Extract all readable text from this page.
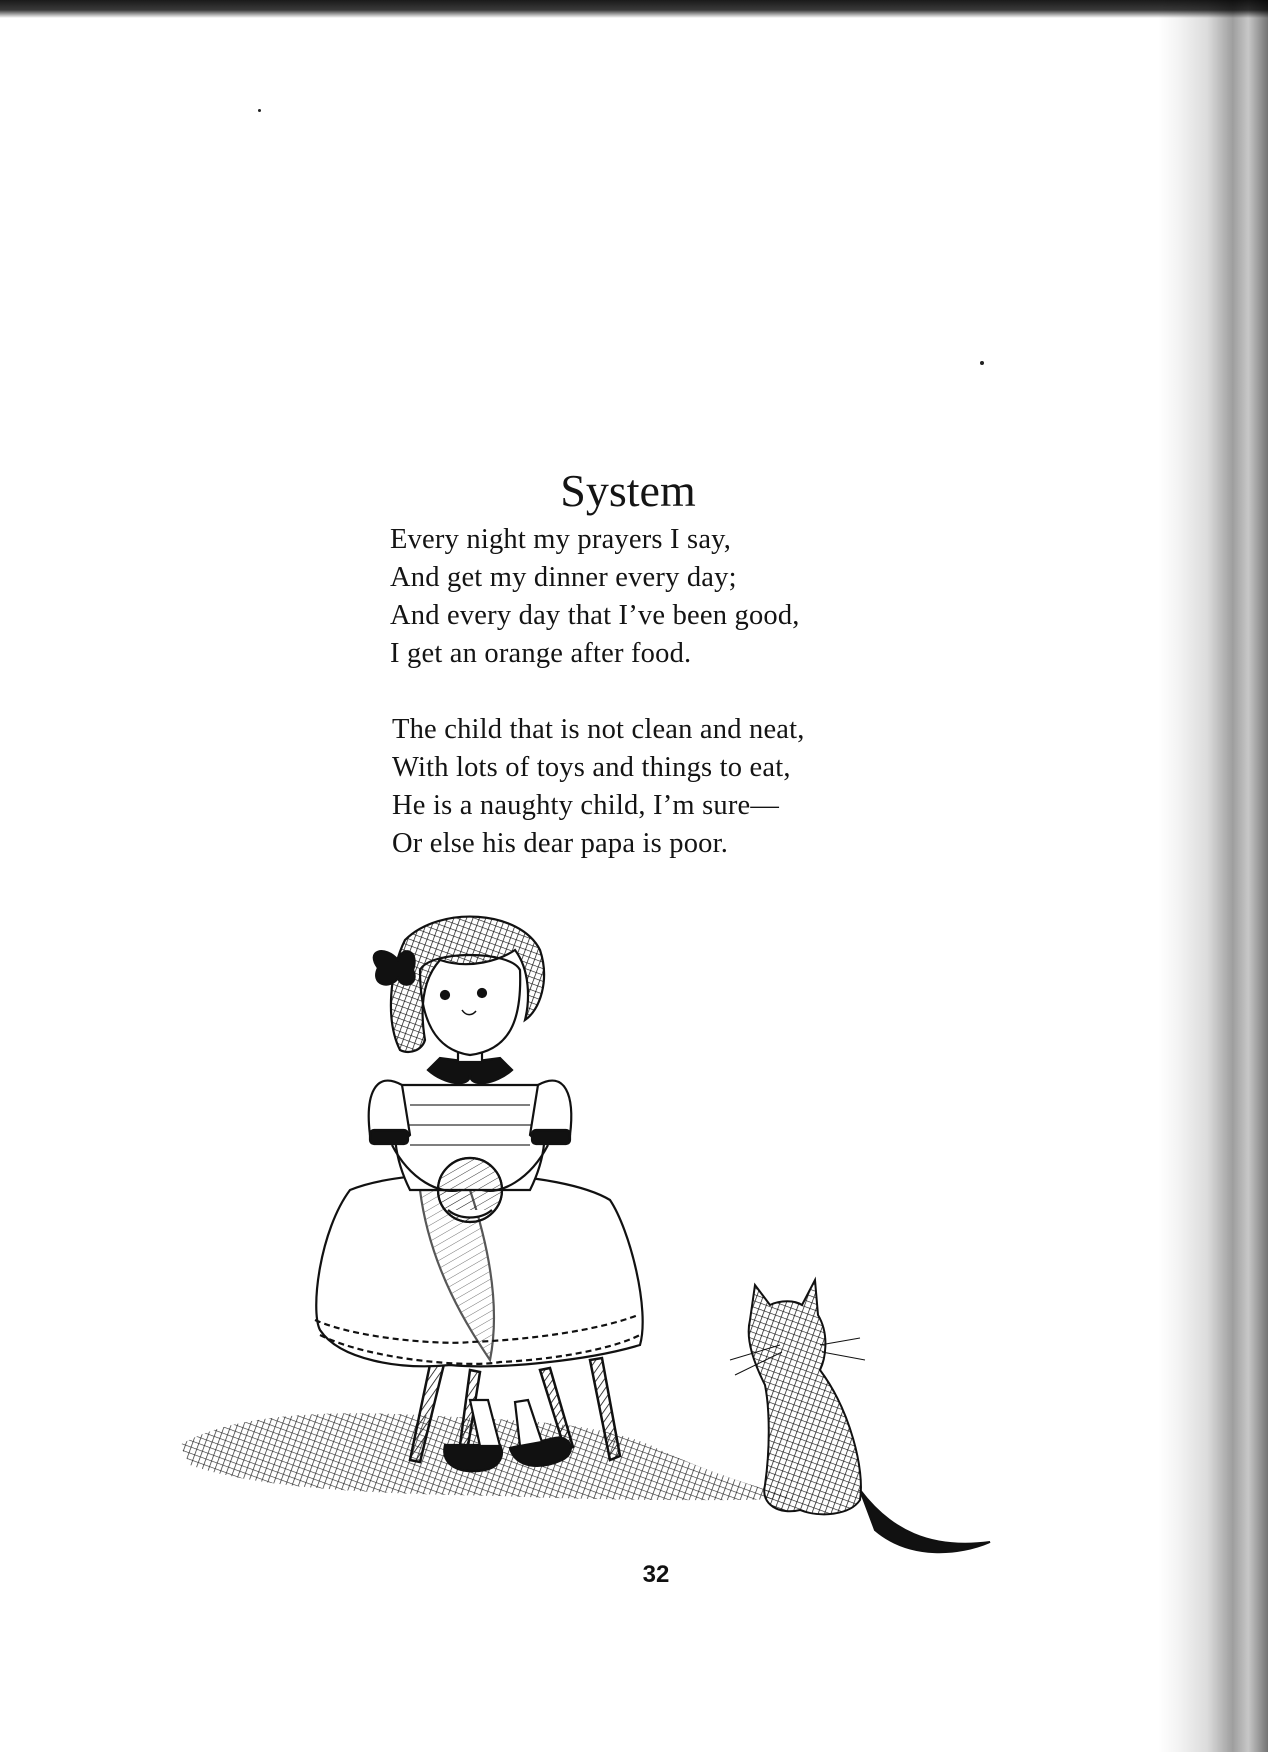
System
Every night my prayers I say,
And get my dinner every day;
And every day that I’ve been good,
I get an orange after food.
The child that is not clean and neat,
With lots of toys and things to eat,
He is a naughty child, I’m sure—
Or else his dear papa is poor.
32
